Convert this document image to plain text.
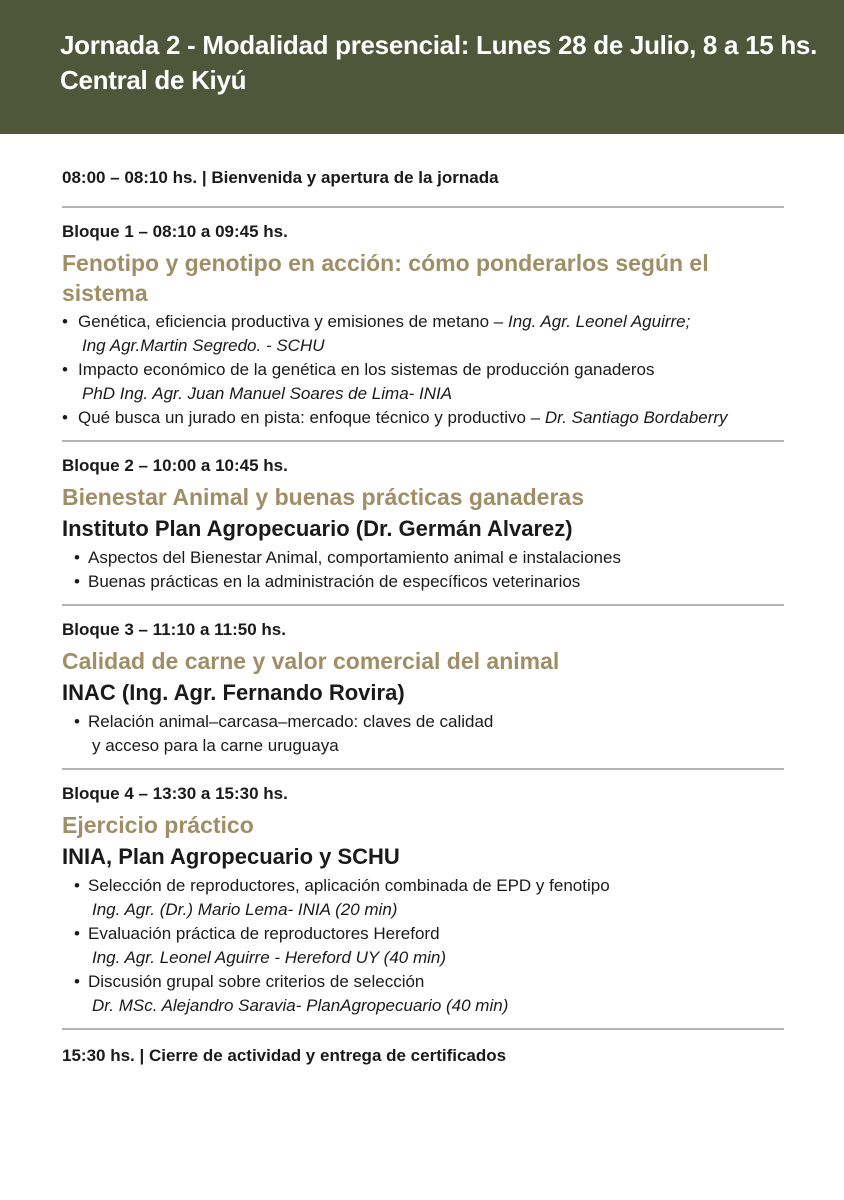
Jornada 2 - Modalidad presencial: Lunes 28 de Julio, 8 a 15 hs.
Central de Kiyú
08:00 – 08:10 hs. | Bienvenida y apertura de la jornada
Bloque 1 – 08:10 a 09:45 hs.
Fenotipo y genotipo en acción: cómo ponderarlos según el sistema
• Genética, eficiencia productiva y emisiones de metano – Ing. Agr. Leonel Aguirre;
Ing Agr.Martin Segredo. - SCHU
• Impacto económico de la genética en los sistemas de producción ganaderos
PhD Ing. Agr. Juan Manuel Soares de Lima- INIA
• Qué busca un jurado en pista: enfoque técnico y productivo – Dr. Santiago Bordaberry
Bloque 2 – 10:00 a 10:45 hs.
Bienestar Animal y buenas prácticas ganaderas
Instituto Plan Agropecuario (Dr. Germán Alvarez)
• Aspectos del Bienestar Animal, comportamiento animal e instalaciones
• Buenas prácticas en la administración de específicos veterinarios
Bloque 3 – 11:10 a 11:50 hs.
Calidad de carne y valor comercial del animal
INAC (Ing. Agr. Fernando Rovira)
• Relación animal–carcasa–mercado: claves de calidad
y acceso para la carne uruguaya
Bloque 4 – 13:30 a 15:30 hs.
Ejercicio práctico
INIA, Plan Agropecuario y SCHU
• Selección de reproductores, aplicación combinada de EPD y fenotipo
Ing. Agr. (Dr.) Mario Lema- INIA (20 min)
• Evaluación práctica de reproductores Hereford
Ing. Agr. Leonel Aguirre - Hereford UY (40 min)
• Discusión grupal sobre criterios de selección
Dr. MSc. Alejandro Saravia- PlanAgropecuario (40 min)
15:30 hs. | Cierre de actividad y entrega de certificados
